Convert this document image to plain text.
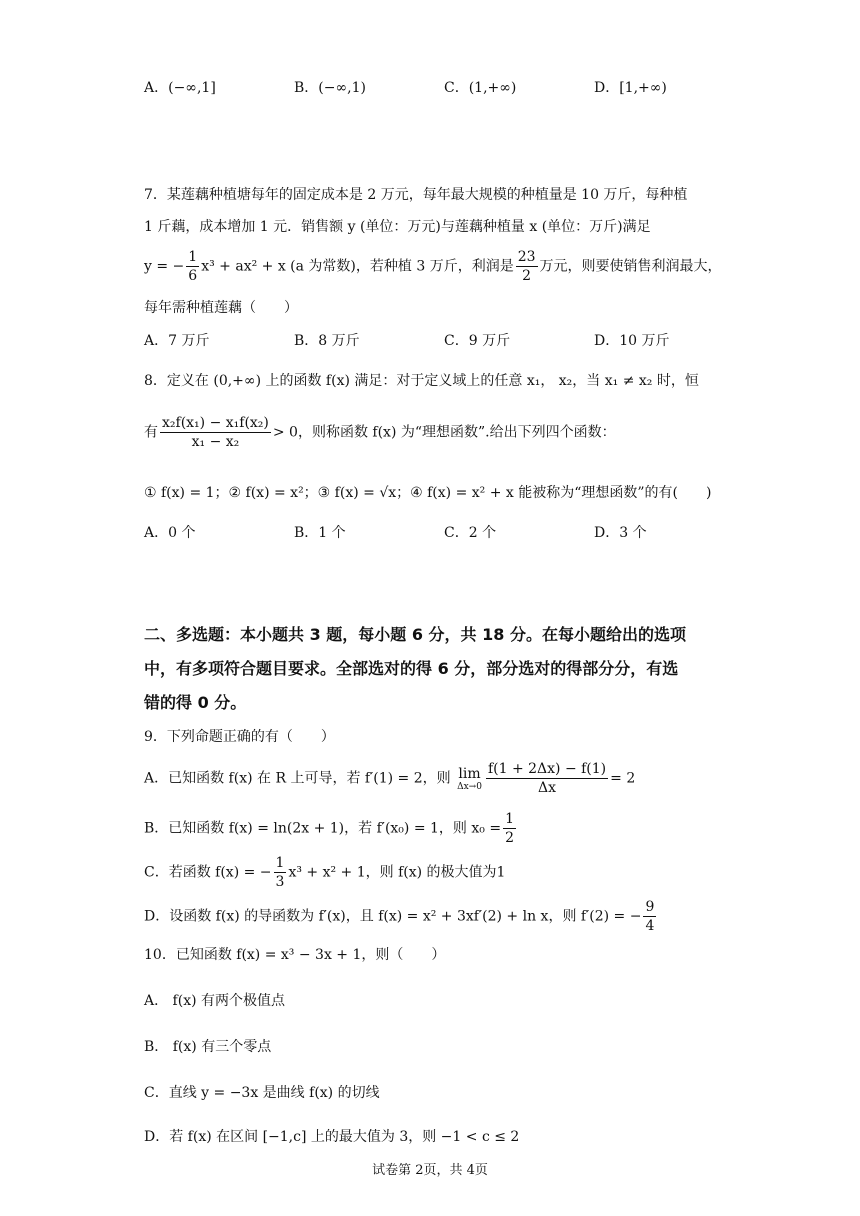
A．(−∞,1]	B．(−∞,1)	C．(1,+∞)	D．[1,+∞)
7．某莲藕种植塘每年的固定成本是 2 万元，每年最大规模的种植量是 10 万斤，每种植
1 斤藕，成本增加 1 元．销售额 y (单位：万元)与莲藕种植量 x (单位：万斤)满足
y = − $\frac{1}{6} x^3 + ax^2 + x$ (a 为常数)，若种植 3 万斤，利润是 $\frac{23}{2}$ 万元，则要使销售利润最大，
每年需种植莲藕（　　）
A．7 万斤	B．8 万斤	C．9 万斤	D．10 万斤
8．定义在 (0,+∞) 上的函数 f(x) 满足：对于定义域上的任意 x₁， x₂，当 x₁ ≠ x₂ 时，恒
有 $\frac{\text{x₂f(x₁) − x₁f(x₂)}}{\text{x₁ − x₂}} > 0$，则称函数 f(x) 为“理想函数”.给出下列四个函数：
① f(x) = 1；② f(x) = x²；③ f(x) = √x；④ f(x) = x² + x 能被称为“理想函数”的有(　　)
A．0 个	B．1 个	C．2 个	D．3 个
二、多选题：本小题共 3 题，每小题 6 分，共 18 分。在每小题给出的选项
中，有多项符合题目要求。全部选对的得 6 分，部分选对的得部分分，有选
错的得 0 分。
9．下列命题正确的有（　　）
A．已知函数 f(x) 在 R 上可导，若 f′(1) = 2，则 lim
$\Delta x\to 0 \frac{f(1 + 2\Delta x) - f(1)}{\Delta x} = 2$
B．已知函数 f(x) = ln(2x + 1)，若 f′(x₀) = 1，则 $x_0 = \frac{1}{2}$
C．若函数 f(x) = − $\frac{1}{3} x^3 + x^2 + 1$，则 f(x) 的极大值为1
D．设函数 f(x) 的导函数为 f′(x)，且 f(x) = x² + 3xf′(2) + ln x，则 f′(2) = − $\frac{9}{4}$
10．已知函数 f(x) = x³ − 3x + 1，则（　　）
A． f(x) 有两个极值点
B． f(x) 有三个零点
C．直线 y = −3x 是曲线 f(x) 的切线
D．若 f(x) 在区间 [−1,c] 上的最大值为 3，则 −1 < c ≤ 2
试卷第 2页，共 4页
